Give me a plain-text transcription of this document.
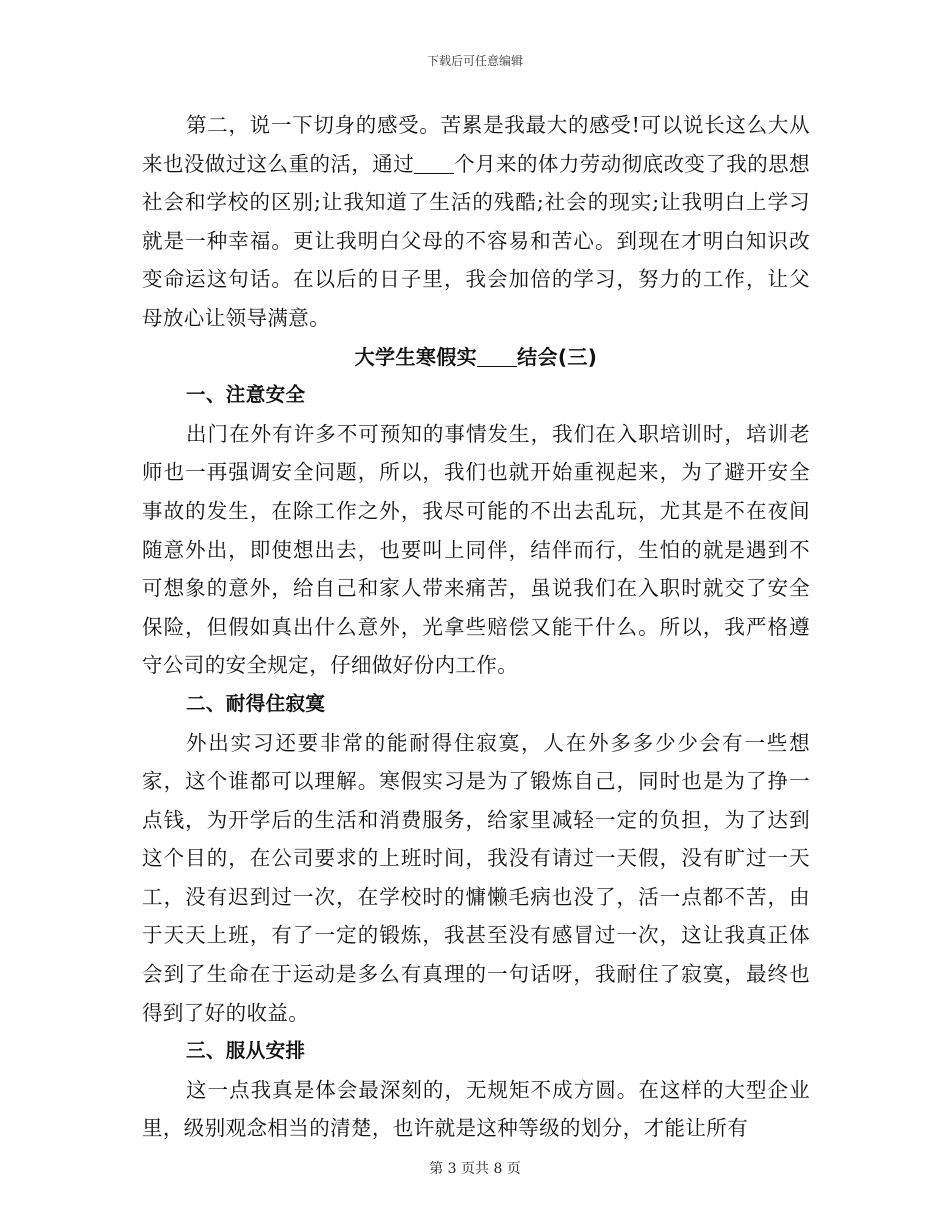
下载后可任意编辑

第二，说一下切身的感受。苦累是我最大的感受!可以说长这么大从来也没做过这么重的活，通过 个月来的体力劳动彻底改变了我的思想社会和学校的区别;让我知道了生活的残酷;社会的现实;让我明白上学习就是一种幸福。更让我明白父母的不容易和苦心。到现在才明白知识改变命运这句话。在以后的日子里，我会加倍的学习，努力的工作，让父母放心让领导满意。

大学生寒假实 结会(三)

一、注意安全

出门在外有许多不可预知的事情发生，我们在入职培训时，培训老师也一再强调安全问题，所以，我们也就开始重视起来，为了避开安全事故的发生，在除工作之外，我尽可能的不出去乱玩，尤其是不在夜间随意外出，即使想出去，也要叫上同伴，结伴而行，生怕的就是遇到不可想象的意外，给自己和家人带来痛苦，虽说我们在入职时就交了安全保险，但假如真出什么意外，光拿些赔偿又能干什么。所以，我严格遵守公司的安全规定，仔细做好份内工作。

二、耐得住寂寞

外出实习还要非常的能耐得住寂寞，人在外多多少少会有一些想家，这个谁都可以理解。寒假实习是为了锻炼自己，同时也是为了挣一点钱，为开学后的生活和消费服务，给家里减轻一定的负担，为了达到这个目的，在公司要求的上班时间，我没有请过一天假，没有旷过一天工，没有迟到过一次，在学校时的慵懒毛病也没了，活一点都不苦，由于天天上班，有了一定的锻炼，我甚至没有感冒过一次，这让我真正体会到了生命在于运动是多么有真理的一句话呀，我耐住了寂寞，最终也得到了好的收益。

三、服从安排

这一点我真是体会最深刻的，无规矩不成方圆。在这样的大型企业里，级别观念相当的清楚，也许就是这种等级的划分，才能让所有

第 3 页共 8 页
